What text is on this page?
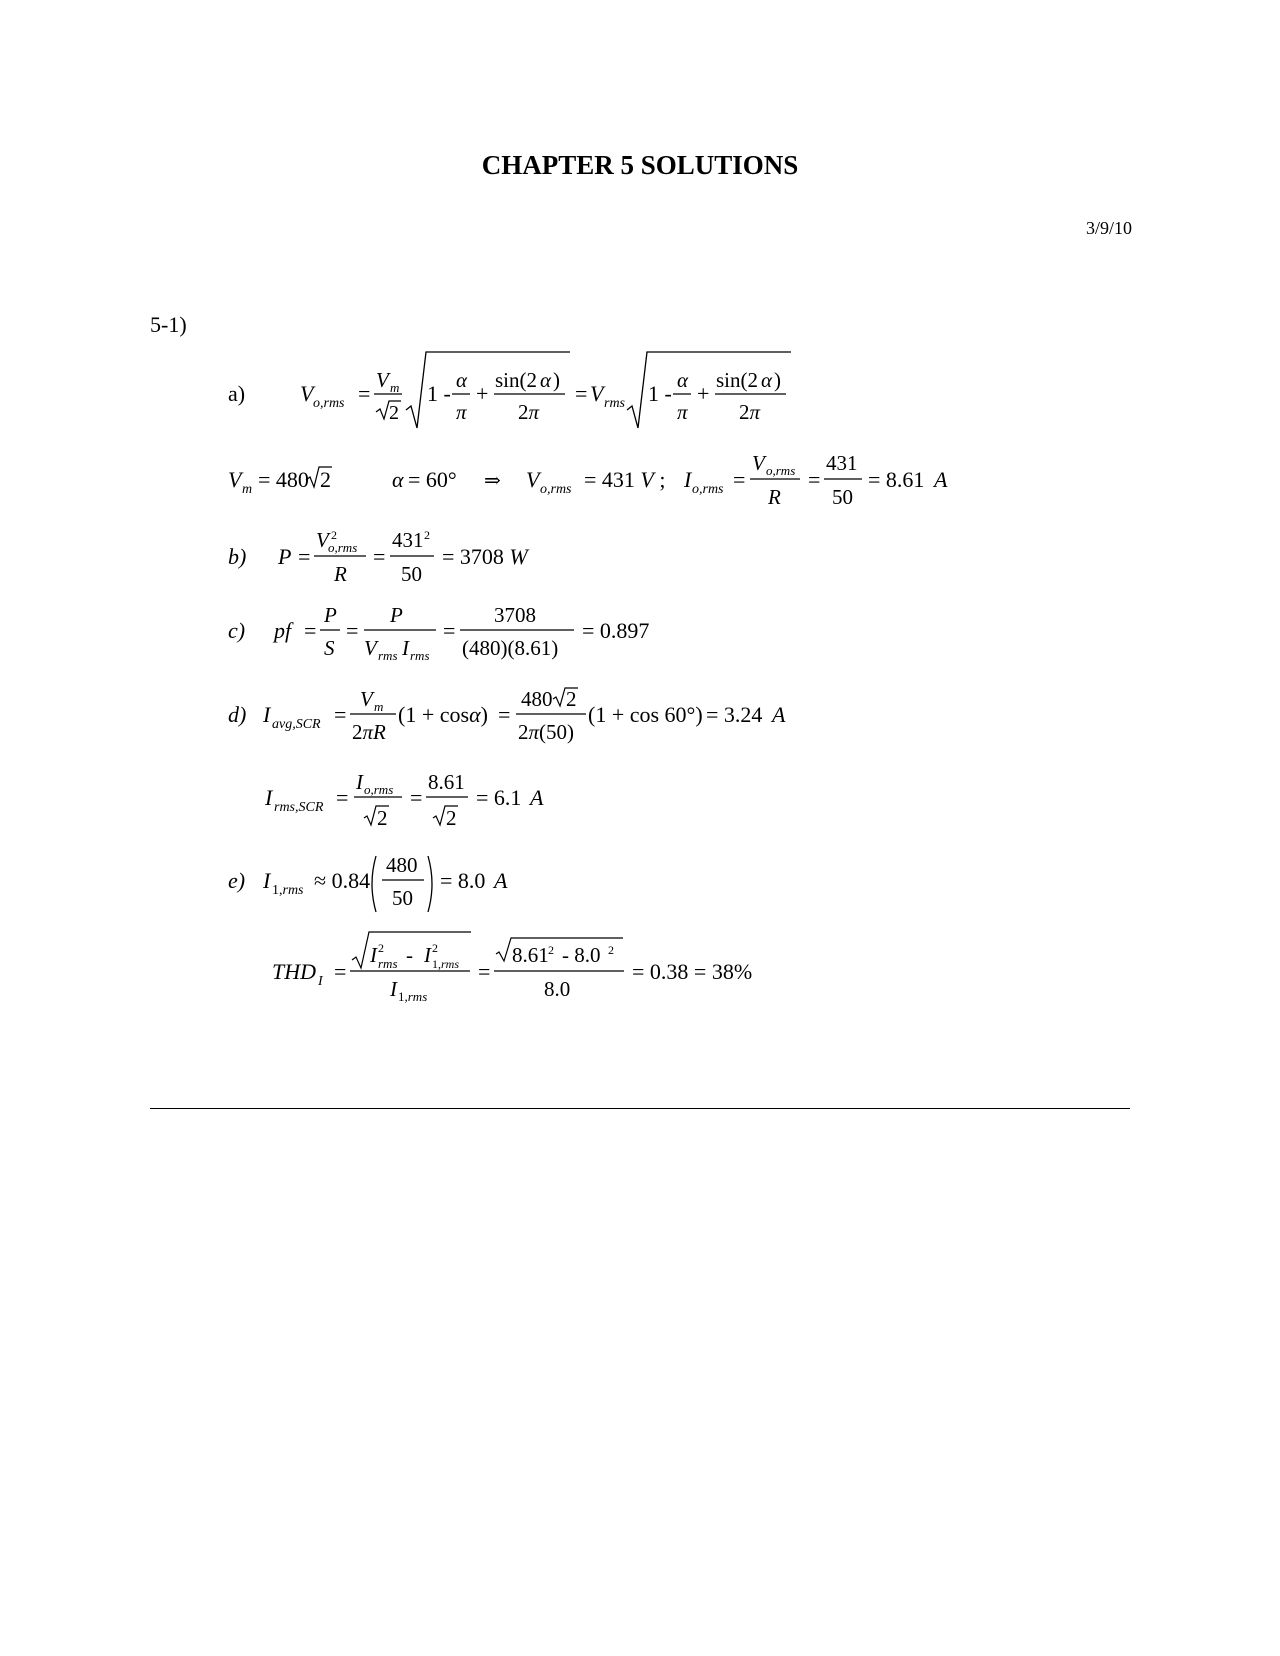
CHAPTER 5 SOLUTIONS
3/9/10
5-1)
a) V o,rms =
V m
2
1 -
α
π
+
sin(2 α )
2π
= V rms 1 -
α
π
+
sin(2 α )
2π
V m = 480 2	α = 60° ⇒ V o,rms = 431 V ; I o,rms =
V o,rms
R
=
431
50
= 8.61 A
b) P =
V 2
o,rms
R
=
431 2
50
= 3708 W
c) pf =
P
S
=
P
V rms I rms
=
3708
(480)(8.61)
= 0.897
d) I avg,SCR =
V m
2πR
(1 + cosα) =
480 2
2π(50)
(1 + cos 60°) = 3.24 A
I rms,SCR =
I o,rms
2
=
8.61
2
= 6.1 A
e) I 1,rms ≈ 0.84
480
50
= 8.0 A
THD I =
I 2
rms - I 2
1,rms
I 1,rms
=
8.61 2 - 8.0 2
8.0
= 0.38 = 38%
